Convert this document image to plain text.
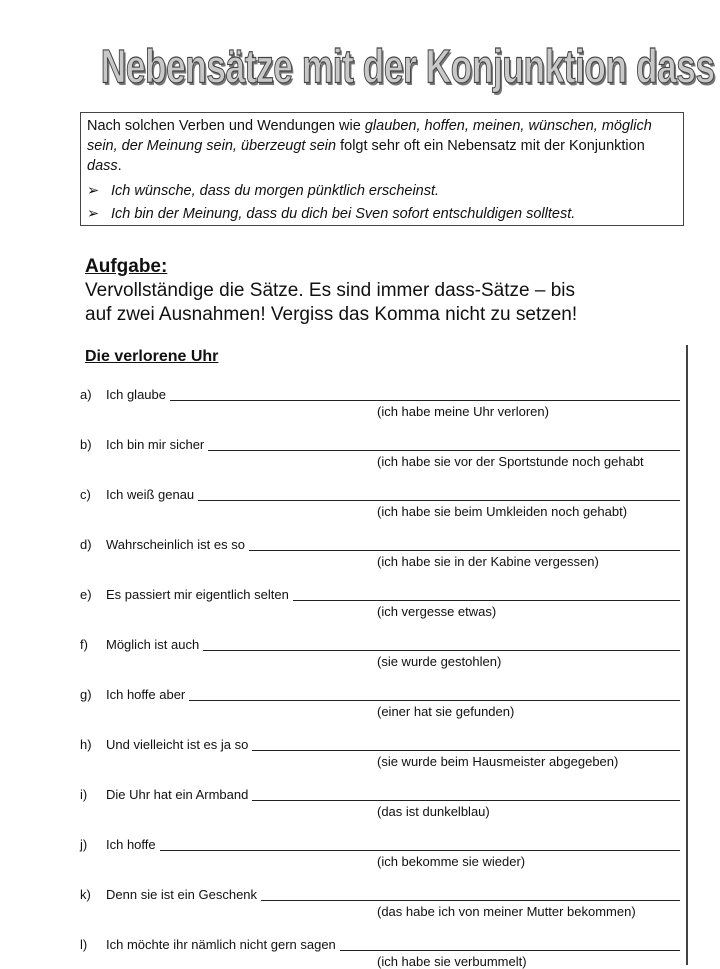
Nebensätze mit der Konjunktion dass

Nach solchen Verben und Wendungen wie glauben, hoffen, meinen, wünschen, möglich sein, der Meinung sein, überzeugt sein folgt sehr oft ein Nebensatz mit der Konjunktion dass.

➢ Ich wünsche, dass du morgen pünktlich erscheinst.
➢ Ich bin der Meinung, dass du dich bei Sven sofort entschuldigen solltest.
Aufgabe:
Vervollständige die Sätze. Es sind immer dass-Sätze – bis
auf zwei Ausnahmen! Vergiss das Komma nicht zu setzen!
Die verlorene Uhr
a) Ich glaube
(ich habe meine Uhr verloren)
b) Ich bin mir sicher
(ich habe sie vor der Sportstunde noch gehabt
c) Ich weiß genau
(ich habe sie beim Umkleiden noch gehabt)
d) Wahrscheinlich ist es so
(ich habe sie in der Kabine vergessen)
e) Es passiert mir eigentlich selten
(ich vergesse etwas)
f) Möglich ist auch
(sie wurde gestohlen)
g) Ich hoffe aber
(einer hat sie gefunden)
h) Und vielleicht ist es ja so
(sie wurde beim Hausmeister abgegeben)
i) Die Uhr hat ein Armband
(das ist dunkelblau)
j) Ich hoffe
(ich bekomme sie wieder)
k) Denn sie ist ein Geschenk
(das habe ich von meiner Mutter bekommen)
l) Ich möchte ihr nämlich nicht gern sagen
(ich habe sie verbummelt)
